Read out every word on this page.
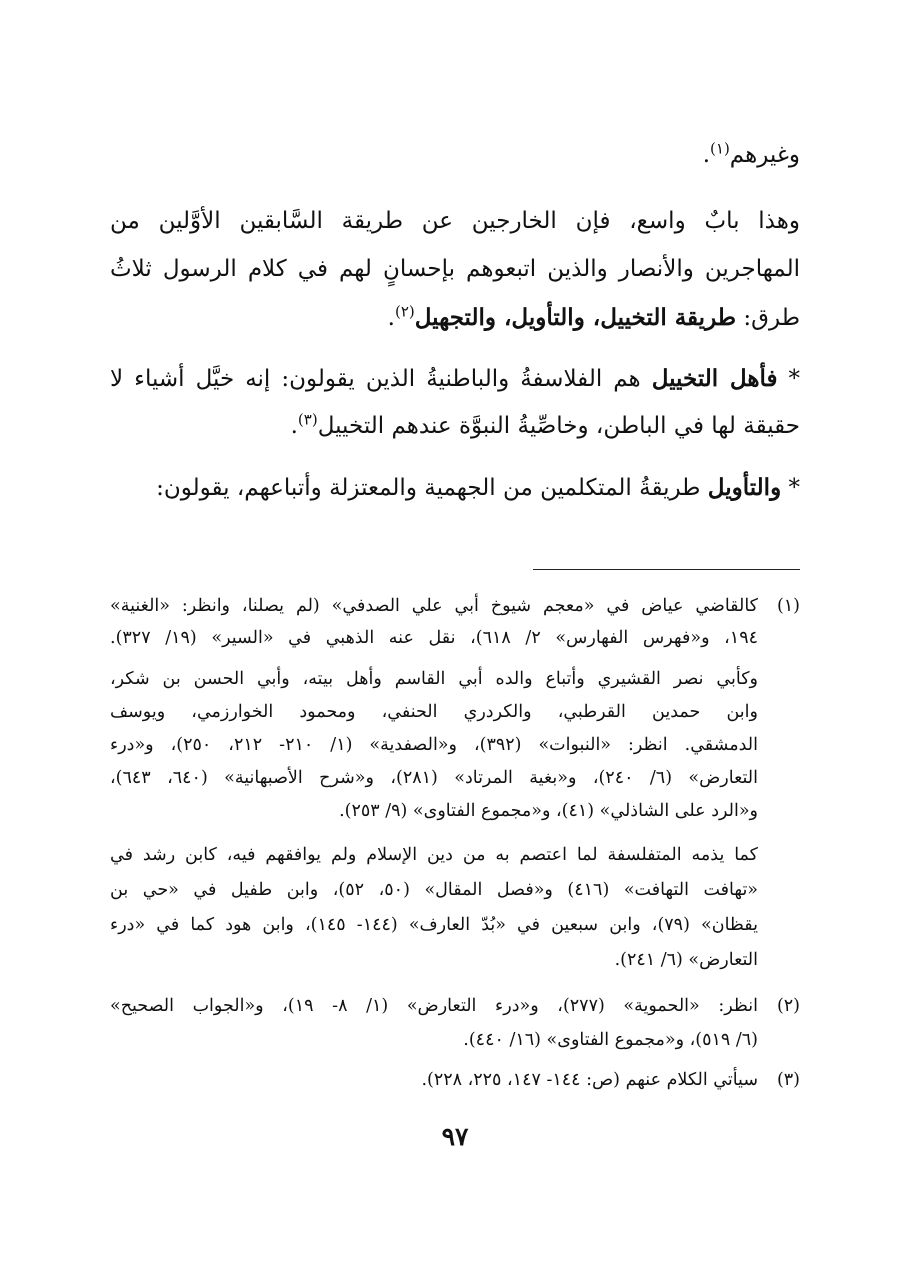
وغيرهم$^{(١)}$.
وهذا بابٌ واسع، فإن الخارجين عن طريقة السَّابقين الأوَّلين من
المهاجرين والأنصار والذين اتبعوهم بإحسانٍ لهم في كلام الرسول ثلاثُ
طرق: طريقة التخييل، والتأويل، والتجهيل$^{(٢)}$.
* فأهل التخييل هم الفلاسفةُ والباطنيةُ الذين يقولون: إنه خيَّل أشياء لا
حقيقة لها في الباطن، وخاصِّيةُ النبوَّة عندهم التخييل$^{(٣)}$.
* والتأويل طريقةُ المتكلمين من الجهمية والمعتزلة وأتباعهم، يقولون:
(١)
كالقاضي عياض في «معجم شيوخ أبي علي الصدفي» (لم يصلنا، وانظر: «الغنية»
١٩٤، و«فهرس الفهارس» ٢/ ٦١٨)، نقل عنه الذهبي في «السير» (١٩/ ٣٢٧).
وكأبي نصر القشيري وأتباع والده أبي القاسم وأهل بيته، وأبي الحسن بن شكر،
وابن حمدين القرطبي، والكردري الحنفي، ومحمود الخوارزمي، ويوسف
الدمشقي. انظر: «النبوات» (٣٩٢)، و«الصفدية» (١/ ٢١٠- ٢١٢، ٢٥٠)، و«درء
التعارض» (٦/ ٢٤٠)، و«بغية المرتاد» (٢٨١)، و«شرح الأصبهانية» (٦٤٠، ٦٤٣)،
و«الرد على الشاذلي» (٤١)، و«مجموع الفتاوى» (٩/ ٢٥٣).
كما يذمه المتفلسفة لما اعتصم به من دين الإسلام ولم يوافقهم فيه، كابن رشد في
«تهافت التهافت» (٤١٦) و«فصل المقال» (٥٠، ٥٢)، وابن طفيل في «حي بن
يقظان» (٧٩)، وابن سبعين في «بُدّ العارف» (١٤٤- ١٤٥)، وابن هود كما في «درء
التعارض» (٦/ ٢٤١).
(٢)
انظر: «الحموية» (٢٧٧)، و«درء التعارض» (١/ ٨- ١٩)، و«الجواب الصحيح»
(٦/ ٥١٩)، و«مجموع الفتاوى» (١٦/ ٤٤٠).
(٣)
سيأتي الكلام عنهم (ص: ١٤٤- ١٤٧، ٢٢٥، ٢٢٨).
٩٧
